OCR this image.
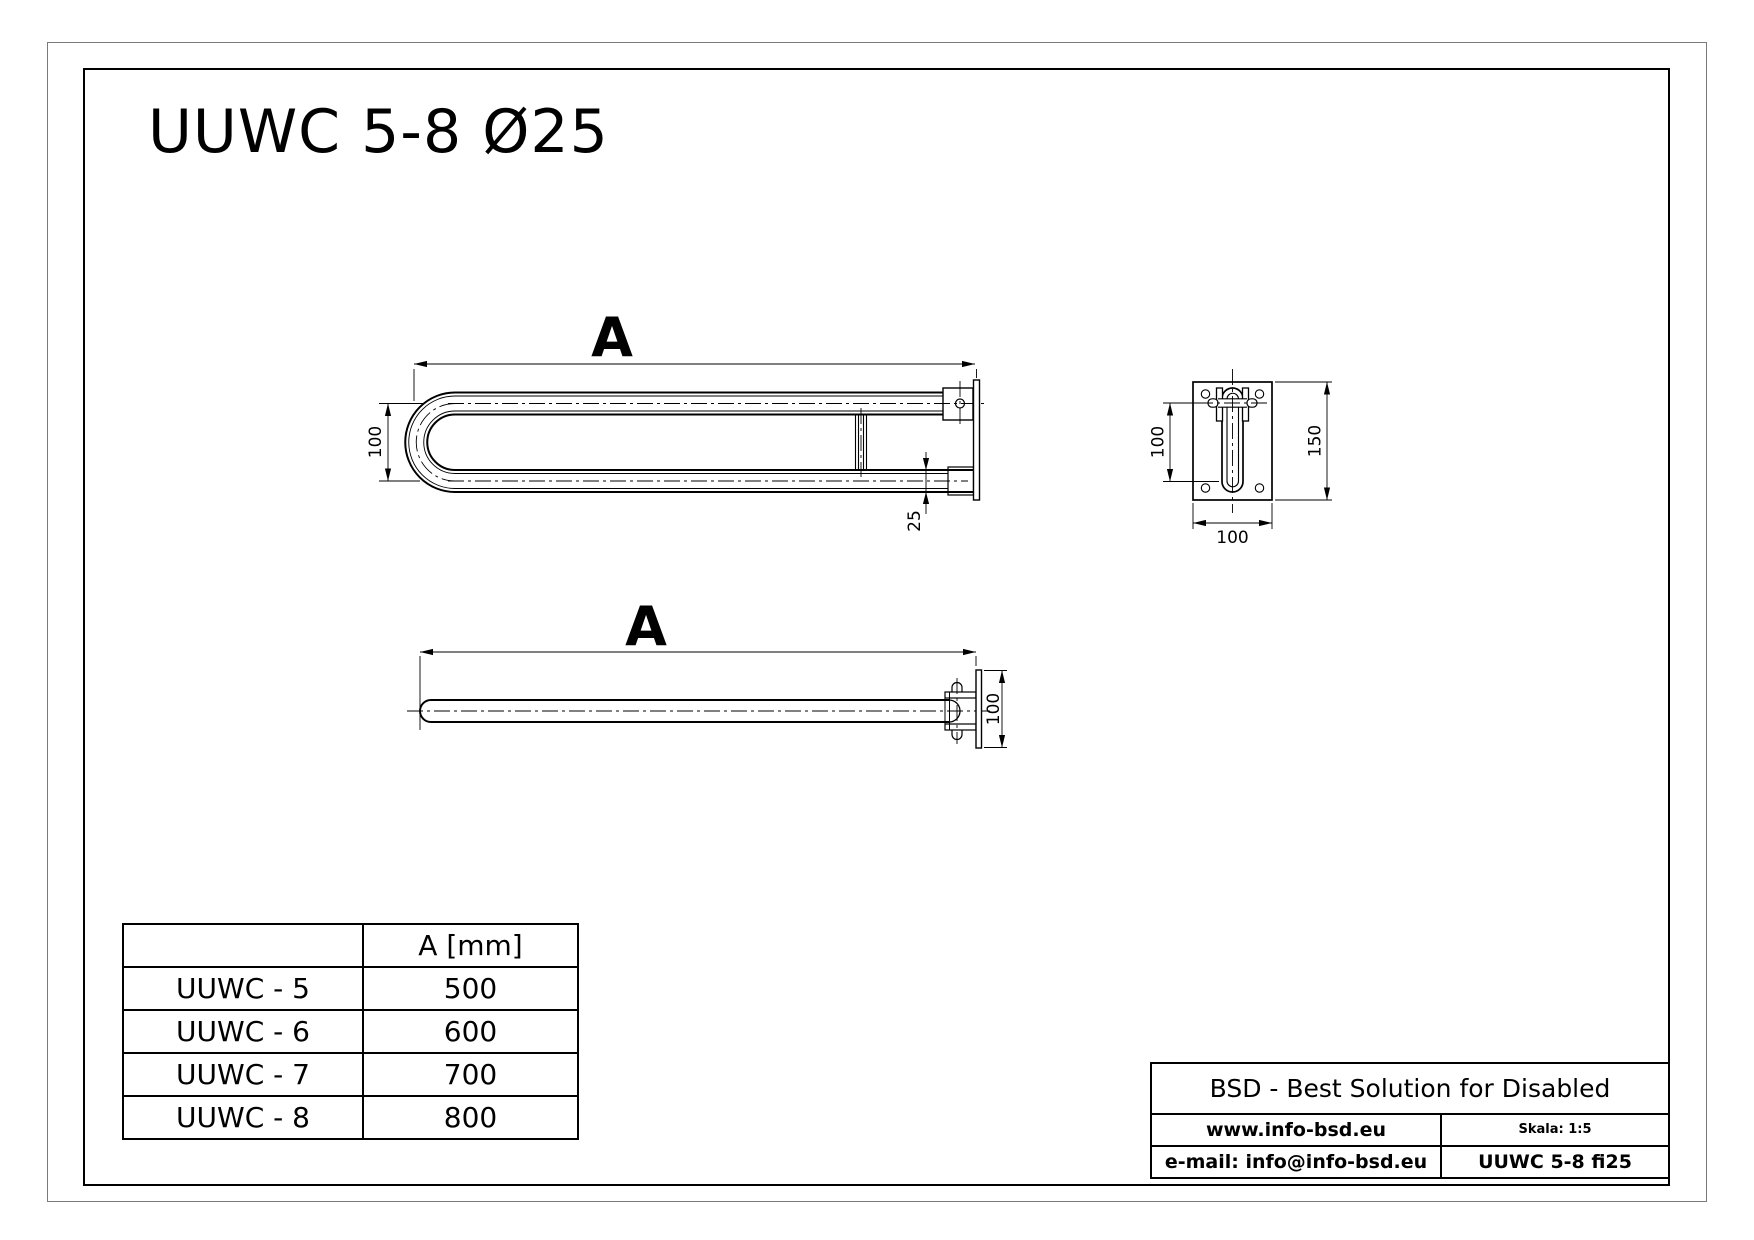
UUWC 5-8 Ø25
A
100
25
A
100
100	150
100
	A [mm]
UUWC - 5	500
UUWC - 6	600
UUWC - 7	700
UUWC - 8	800
BSD - Best Solution for Disabled
www.info-bsd.eu	Skala: 1:5
e-mail: info@info-bsd.eu	UUWC 5-8 fi25
